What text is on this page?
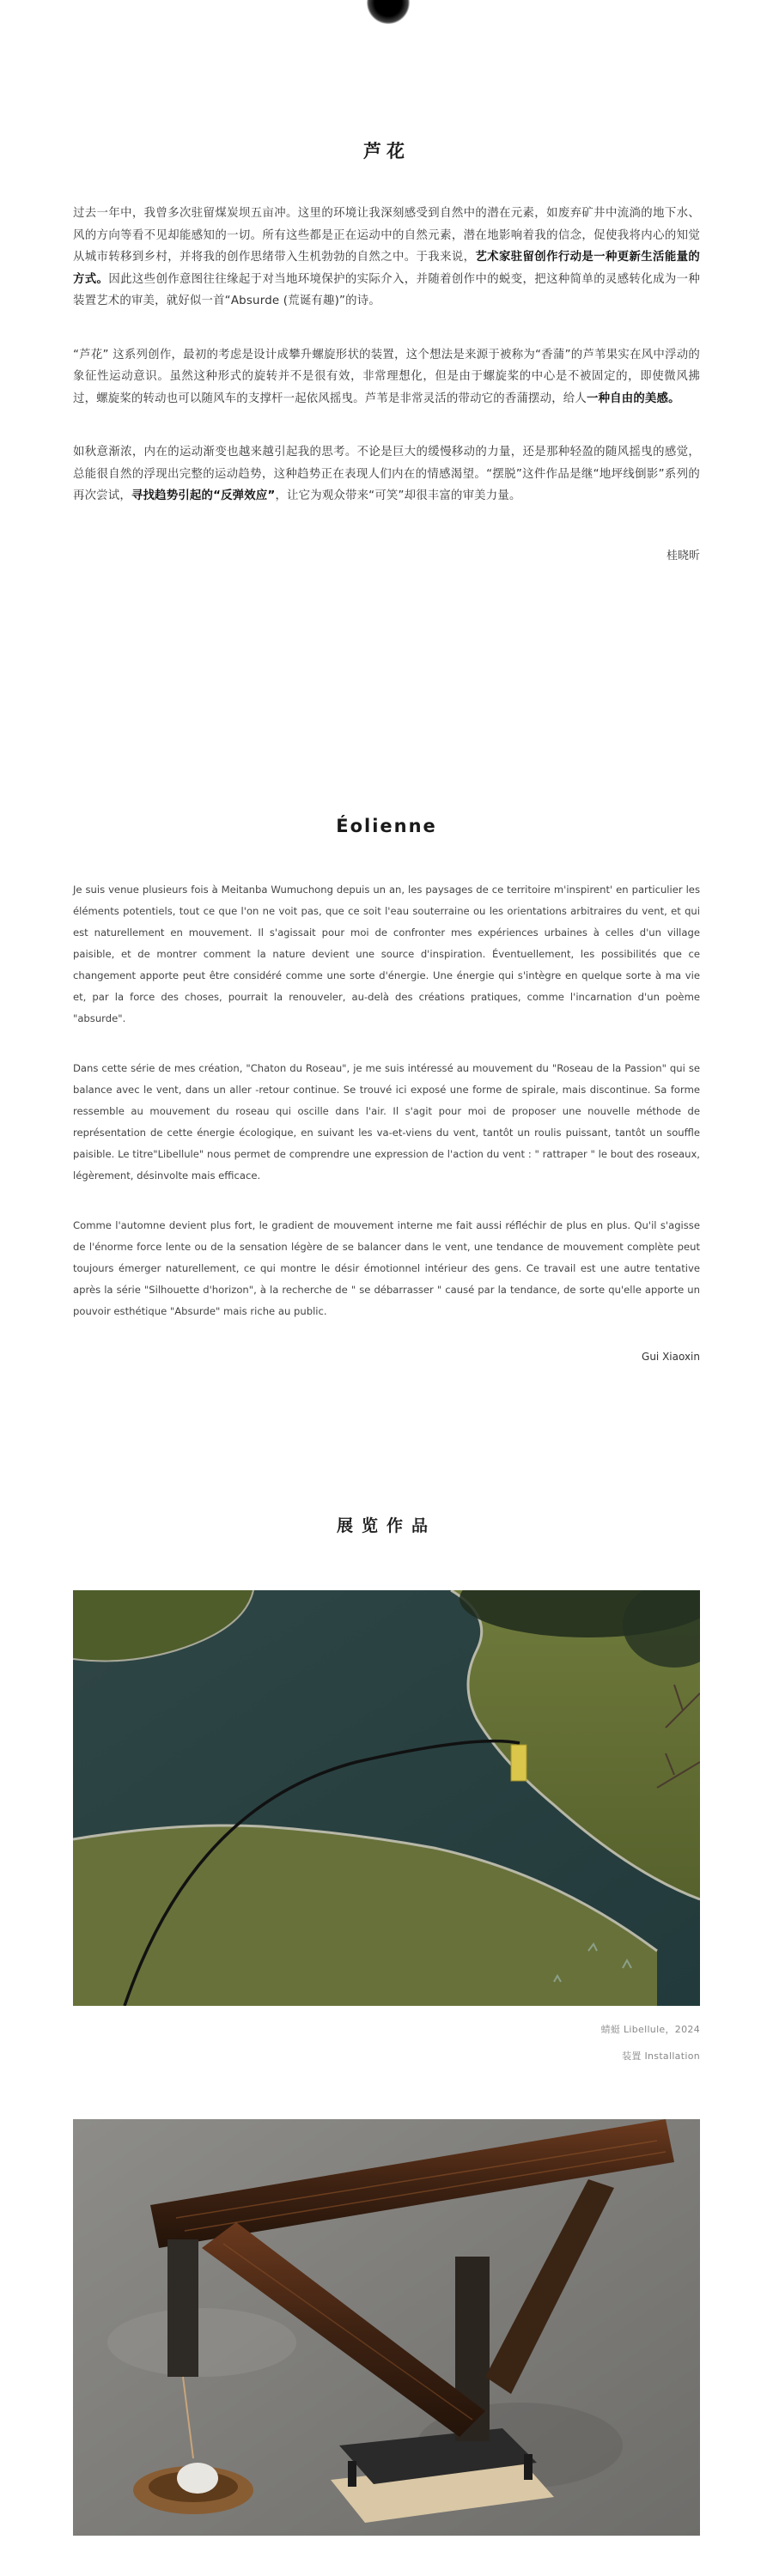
芦花

过去一年中，我曾多次驻留煤炭坝五亩冲。这里的环境让我深刻感受到自然中的潜在元素，如废弃矿井中流淌的地下水、风的方向等看不见却能感知的一切。所有这些都是正在运动中的自然元素，潜在地影响着我的信念，促使我将内心的知觉从城市转移到乡村，并将我的创作思绪带入生机勃勃的自然之中。于我来说，艺术家驻留创作行动是一种更新生活能量的方式。因此这些创作意图往往缘起于对当地环境保护的实际介入，并随着创作中的蜕变，把这种简单的灵感转化成为一种装置艺术的审美，就好似一首“Absurde (荒诞有趣)”的诗。

“芦花” 这系列创作，最初的考虑是设计成攀升螺旋形状的装置，这个想法是来源于被称为“香蒲”的芦苇果实在风中浮动的象征性运动意识。虽然这种形式的旋转并不是很有效，非常理想化，但是由于螺旋桨的中心是不被固定的，即使微风拂过，螺旋桨的转动也可以随风车的支撑杆一起依风摇曳。芦苇是非常灵活的带动它的香蒲摆动，给人一种自由的美感。

如秋意渐浓，内在的运动渐变也越来越引起我的思考。不论是巨大的缓慢移动的力量，还是那种轻盈的随风摇曳的感觉，总能很自然的浮现出完整的运动趋势，这种趋势正在表现人们内在的情感渴望。“摆脱”这件作品是继“地坪线倒影”系列的再次尝试，寻找趋势引起的“反弹效应”，让它为观众带来“可笑”却很丰富的审美力量。

桂晓昕

Éolienne

Je suis venue plusieurs fois à Meitanba Wumuchong depuis un an, les paysages de ce territoire m'inspirent' en particulier les éléments potentiels, tout ce que l'on ne voit pas, que ce soit l'eau souterraine ou les orientations arbitraires du vent, et qui est naturellement en mouvement. Il s'agissait pour moi de confronter mes expériences urbaines à celles d'un village paisible, et de montrer comment la nature devient une source d'inspiration. Éventuellement, les possibilités que ce changement apporte peut être considéré comme une sorte d'énergie. Une énergie qui s'intègre en quelque sorte à ma vie et, par la force des choses, pourrait la renouveler, au-delà des créations pratiques, comme l'incarnation d'un poème "absurde".

Dans cette série de mes création, "Chaton du Roseau", je me suis intéressé au mouvement du "Roseau de la Passion" qui se balance avec le vent, dans un aller -retour continue. Se trouvé ici exposé une forme de spirale, mais discontinue. Sa forme ressemble au mouvement du roseau qui oscille dans l'air. Il s'agit pour moi de proposer une nouvelle méthode de représentation de cette énergie écologique, en suivant les va-et-viens du vent, tantôt un roulis puissant, tantôt un souffle paisible. Le titre"Libellule" nous permet de comprendre une expression de l'action du vent : " rattraper " le bout des roseaux, légèrement, désinvolte mais efficace.

Comme l'automne devient plus fort, le gradient de mouvement interne me fait aussi réfléchir de plus en plus. Qu'il s'agisse de l'énorme force lente ou de la sensation légère de se balancer dans le vent, une tendance de mouvement complète peut toujours émerger naturellement, ce qui montre le désir émotionnel intérieur des gens. Ce travail est une autre tentative après la série "Silhouette d'horizon", à la recherche de " se débarrasser " causé par la tendance, de sorte qu'elle apporte un pouvoir esthétique "Absurde" mais riche au public.

Gui Xiaoxin

展览作品
蜻蜓 Libellule，2024
装置 Installation
